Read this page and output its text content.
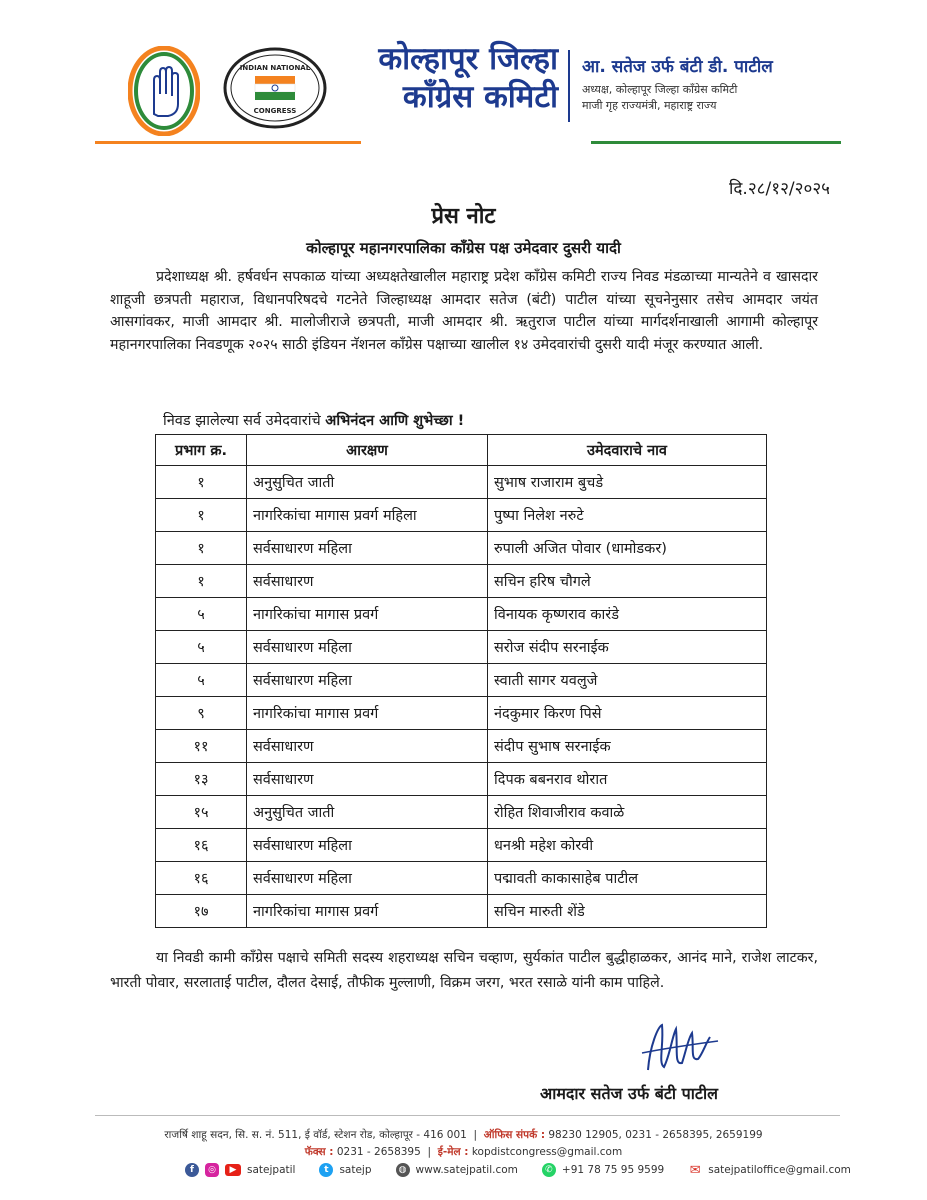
INDIAN NATIONAL
CONGRESS
कोल्हापूर जिल्हा
काँग्रेस कमिटी
आ. सतेज उर्फ बंटी डी. पाटील
अध्यक्ष, कोल्हापूर जिल्हा काँग्रेस कमिटी
माजी गृह राज्यमंत्री, महाराष्ट्र राज्य
दि.२८/१२/२०२५
प्रेस नोट
कोल्हापूर महानगरपालिका काँग्रेस पक्ष उमेदवार दुसरी यादी

प्रदेशाध्यक्ष श्री. हर्षवर्धन सपकाळ यांच्या अध्यक्षतेखालील महाराष्ट्र प्रदेश काँग्रेस कमिटी राज्य निवड मंडळाच्या मान्यतेने व खासदार शाहूजी छत्रपती महाराज, विधानपरिषदचे गटनेते जिल्हाध्यक्ष आमदार सतेज (बंटी) पाटील यांच्या सूचनेनुसार तसेच आमदार जयंत आसगांवकर, माजी आमदार श्री. मालोजीराजे छत्रपती, माजी आमदार श्री. ऋतुराज पाटील यांच्या मार्गदर्शनाखाली आगामी कोल्हापूर महानगरपालिका निवडणूक २०२५ साठी इंडियन नॅशनल काँग्रेस पक्षाच्या खालील १४ उमेदवारांची दुसरी यादी मंजूर करण्यात आली.

निवड झालेल्या सर्व उमेदवारांचे अभिनंदन आणि शुभेच्छा !
प्रभाग क्र.	आरक्षण	उमेदवाराचे नाव
१	अनुसुचित जाती	सुभाष राजाराम बुचडे
१	नागरिकांचा मागास प्रवर्ग महिला	पुष्पा निलेश नरुटे
१	सर्वसाधारण महिला	रुपाली अजित पोवार (धामोडकर)
१	सर्वसाधारण	सचिन हरिष चौगले
५	नागरिकांचा मागास प्रवर्ग	विनायक कृष्णराव कारंडे
५	सर्वसाधारण महिला	सरोज संदीप सरनाईक
५	सर्वसाधारण महिला	स्वाती सागर यवलुजे
९	नागरिकांचा मागास प्रवर्ग	नंदकुमार किरण पिसे
११	सर्वसाधारण	संदीप सुभाष सरनाईक
१३	सर्वसाधारण	दिपक बबनराव थोरात
१५	अनुसुचित जाती	रोहित शिवाजीराव कवाळे
१६	सर्वसाधारण महिला	धनश्री महेश कोरवी
१६	सर्वसाधारण महिला	पद्मावती काकासाहेब पाटील
१७	नागरिकांचा मागास प्रवर्ग	सचिन मारुती शेंडे

या निवडी कामी काँग्रेस पक्षाचे समिती सदस्य शहराध्यक्ष सचिन चव्हाण, सुर्यकांत पाटील बुद्धीहाळकर, आनंद माने, राजेश लाटकर, भारती पोवार, सरलाताई पाटील, दौलत देसाई, तौफीक मुल्लाणी, विक्रम जरग, भरत रसाळे यांनी काम पाहिले.

आमदार सतेज उर्फ बंटी पाटील
राजर्षि शाहू सदन, सि. स. नं. 511, ई वॉर्ड, स्टेशन रोड, कोल्हापूर - 416 001  |  ऑफिस संपर्क : 98230 12905, 0231 - 2658395, 2659199
फॅक्स : 0231 - 2658395  |  ई-मेल : kopdistcongress@gmail.com
f	◎	▶	satejpatil	t	satejp	◍ www.satejpatil.com	✆ +91 78 75 95 9599 ✉ satejpatiloffice@gmail.com
